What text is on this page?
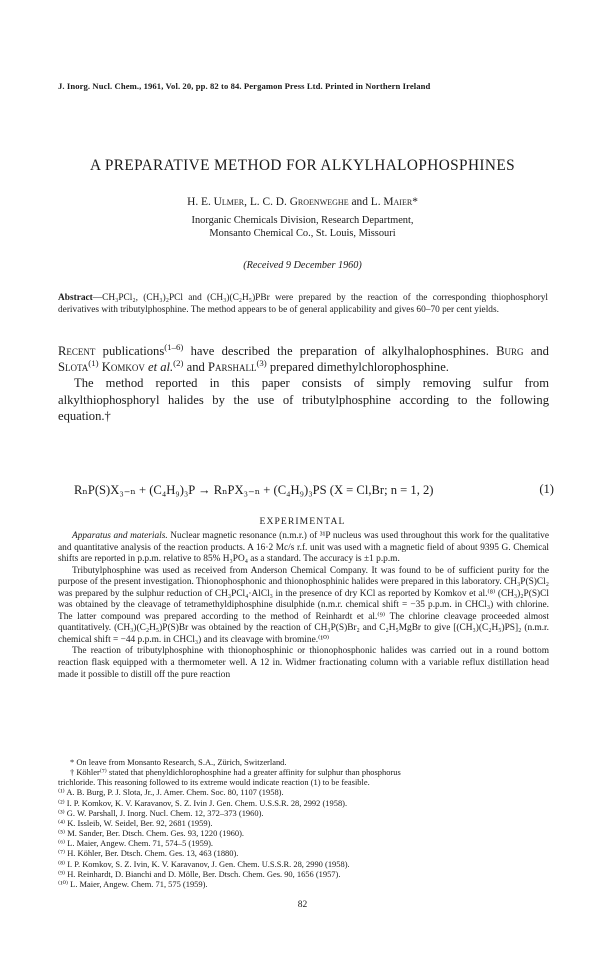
J. Inorg. Nucl. Chem., 1961, Vol. 20, pp. 82 to 84. Pergamon Press Ltd. Printed in Northern Ireland
A PREPARATIVE METHOD FOR ALKYLHALOPHOSPHINES
H. E. Ulmer, L. C. D. Groenweghe and L. Maier*
Inorganic Chemicals Division, Research Department,
Monsanto Chemical Co., St. Louis, Missouri
(Received 9 December 1960)
Abstract—CH₃PCl₂, (CH₃)₂PCl and (CH₃)(C₂H₅)PBr were prepared by the reaction of the corresponding thiophosphoryl derivatives with tributylphosphine. The method appears to be of general applicability and gives 60–70 per cent yields.

Recent publications$^{(1-6)}$ have described the preparation of alkylhalophosphines. Burg and Slota$^{(1)}$ Komkov et al.$^{(2)}$ and Parshall$^{(3)}$ prepared dimethylchlorophosphine.

The method reported in this paper consists of simply removing sulfur from alkylthiophosphoryl halides by the use of tributylphosphine according to the following equation.†

RₙP(S)X₃₋ₙ + (C₄H₉)₃P → RₙPX₃₋ₙ + (C₄H₉)₃PS (X = Cl,Br; n = 1, 2)	(1)
EXPERIMENTAL

Apparatus and materials. Nuclear magnetic resonance (n.m.r.) of ³¹P nucleus was used throughout this work for the qualitative and quantitative analysis of the reaction products. A 16·2 Mc/s r.f. unit was used with a magnetic field of about 9395 G. Chemical shifts are reported in p.p.m. relative to 85% H₃PO₄ as a standard. The accuracy is ±1 p.p.m.

Tributylphosphine was used as received from Anderson Chemical Company. It was found to be of sufficient purity for the purpose of the present investigation. Thionophosphonic and thionophosphinic halides were prepared in this laboratory. CH₃P(S)Cl₂ was prepared by the sulphur reduction of CH₃PCl₄·AlCl₃ in the presence of dry KCl as reported by Komkov et al.⁽⁸⁾ (CH₃)₂P(S)Cl was obtained by the cleavage of tetramethyldiphosphine disulphide (n.m.r. chemical shift = −35 p.p.m. in CHCl₃) with chlorine. The latter compound was prepared according to the method of Reinhardt et al.⁽⁹⁾ The chlorine cleavage proceeded almost quantitatively. (CH₃)(C₂H₅)P(S)Br was obtained by the reaction of CH₃P(S)Br₂ and C₂H₅MgBr to give [(CH₃)(C₂H₅)PS]₂ (n.m.r. chemical shift = −44 p.p.m. in CHCl₃) and its cleavage with bromine.⁽¹⁰⁾

The reaction of tributylphosphine with thionophosphinic or thionophosphonic halides was carried out in a round bottom reaction flask equipped with a thermometer well. A 12 in. Widmer fractionating column with a variable reflux distillation head made it possible to distill off the pure reaction

* On leave from Monsanto Research, S.A., Zürich, Switzerland.
† Köhler⁽⁷⁾ stated that phenyldichlorophosphine had a greater affinity for sulphur than phosphorus
trichloride. This reasoning followed to its extreme would indicate reaction (1) to be feasible.
⁽¹⁾ A. B. Burg, P. J. Slota, Jr., J. Amer. Chem. Soc. 80, 1107 (1958).
⁽²⁾ I. P. Komkov, K. V. Karavanov, S. Z. Ivin J. Gen. Chem. U.S.S.R. 28, 2992 (1958).
⁽³⁾ G. W. Parshall, J. Inorg. Nucl. Chem. 12, 372–373 (1960).
⁽⁴⁾ K. Issleib, W. Seidel, Ber. 92, 2681 (1959).
⁽⁵⁾ M. Sander, Ber. Dtsch. Chem. Ges. 93, 1220 (1960).
⁽⁶⁾ L. Maier, Angew. Chem. 71, 574–5 (1959).
⁽⁷⁾ H. Köhler, Ber. Dtsch. Chem. Ges. 13, 463 (1880).
⁽⁸⁾ I. P. Komkov, S. Z. Ivin, K. V. Karavanov, J. Gen. Chem. U.S.S.R. 28, 2990 (1958).
⁽⁹⁾ H. Reinhardt, D. Bianchi and D. Mölle, Ber. Dtsch. Chem. Ges. 90, 1656 (1957).
⁽¹⁰⁾ L. Maier, Angew. Chem. 71, 575 (1959).
82
